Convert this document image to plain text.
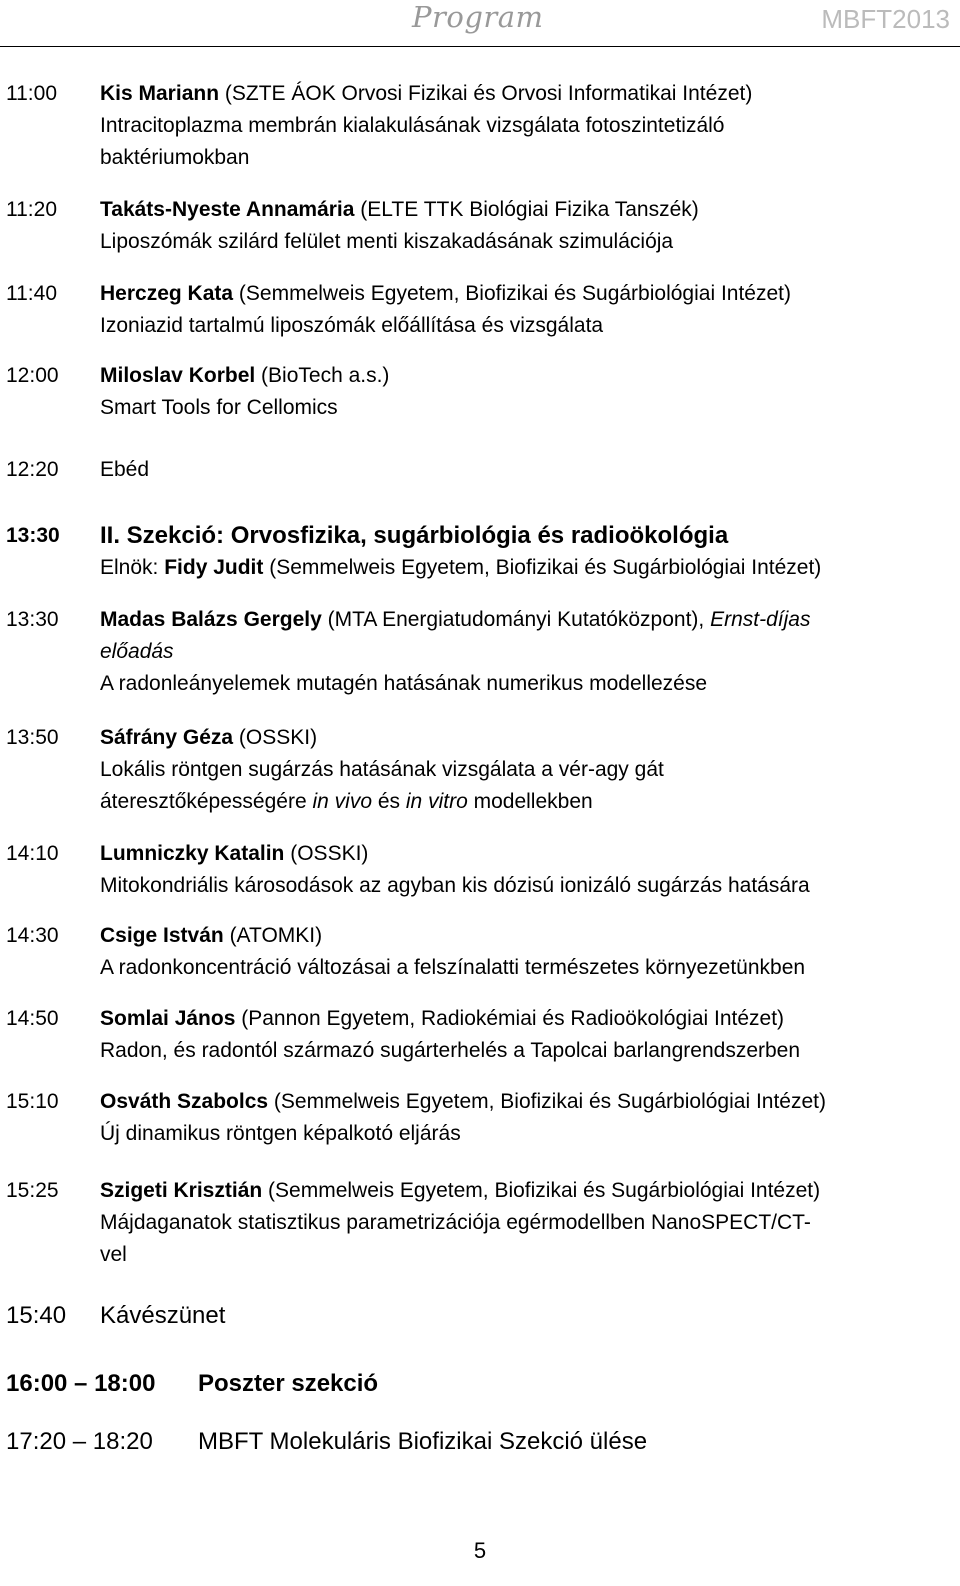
Program	MBFT2013
11:00 Kis Mariann (SZTE ÁOK Orvosi Fizikai és Orvosi Informatikai Intézet)
Intracitoplazma membrán kialakulásának vizsgálata fotoszintetizáló
baktériumokban
11:20 Takáts-Nyeste Annamária (ELTE TTK Biológiai Fizika Tanszék)
Liposzómák szilárd felület menti kiszakadásának szimulációja
11:40 Herczeg Kata (Semmelweis Egyetem, Biofizikai és Sugárbiológiai Intézet)
Izoniazid tartalmú liposzómák előállítása és vizsgálata
12:00 Miloslav Korbel (BioTech a.s.)
Smart Tools for Cellomics
12:20 Ebéd
13:30 II. Szekció: Orvosfizika, sugárbiológia és radioökológia
Elnök: Fidy Judit (Semmelweis Egyetem, Biofizikai és Sugárbiológiai Intézet)
13:30 Madas Balázs Gergely (MTA Energiatudományi Kutatóközpont), Ernst-díjas
előadás
A radonleányelemek mutagén hatásának numerikus modellezése
13:50 Sáfrány Géza (OSSKI)
Lokális röntgen sugárzás hatásának vizsgálata a vér-agy gát
áteresztőképességére in vivo és in vitro modellekben
14:10 Lumniczky Katalin (OSSKI)
Mitokondriális károsodások az agyban kis dózisú ionizáló sugárzás hatására
14:30 Csige István (ATOMKI)
A radonkoncentráció változásai a felszínalatti természetes környezetünkben
14:50 Somlai János (Pannon Egyetem, Radiokémiai és Radioökológiai Intézet)
Radon, és radontól származó sugárterhelés a Tapolcai barlangrendszerben
15:10 Osváth Szabolcs (Semmelweis Egyetem, Biofizikai és Sugárbiológiai Intézet)
Új dinamikus röntgen képalkotó eljárás
15:25 Szigeti Krisztián (Semmelweis Egyetem, Biofizikai és Sugárbiológiai Intézet)
Májdaganatok statisztikus parametrizációja egérmodellben NanoSPECT/CT-
vel
15:40 Kávészünet
16:00 – 18:00 Poszter szekció
17:20 – 18:20 MBFT Molekuláris Biofizikai Szekció ülése
5
